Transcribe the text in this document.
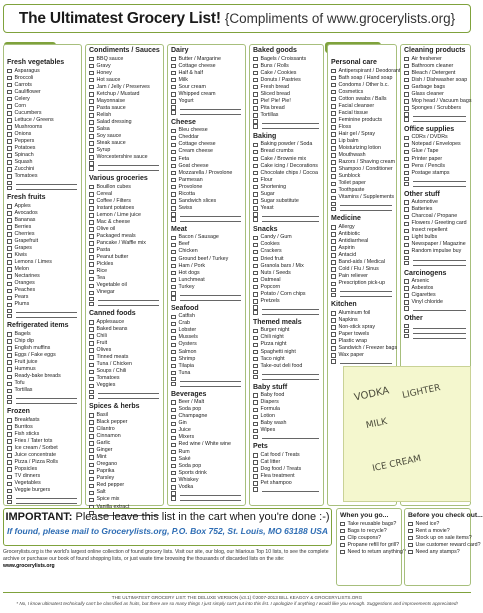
The Ultimatest Grocery List! {Compliments of www.grocerylists.org}
Fresh vegetables
Asparagus
Broccoli
Carrots
Cauliflower
Celery
Corn
Cucumbers
Lettuce / Greens
Mushrooms
Onions
Peppers
Potatoes
Spinach
Squash
Zucchini
Tomatoes
Fresh fruits
Apples
Avocados
Bananas
Berries
Cherries
Grapefruit
Grapes
Kiwis
Lemons / Limes
Melon
Nectarines
Oranges
Peaches
Pears
Plums
Refrigerated items
Bagels
Chip dip
English muffins
Eggs / Fake eggs
Fruit juice
Hummus
Ready-bake breads
Tofu
Tortillas
Frozen
Breakfasts
Burritos
Fish sticks
Fries / Tater tots
Ice cream / Sorbet
Juice concentrate
Pizza / Pizza Rolls
Popsicles
TV dinners
Vegetables
Veggie burgers
Condiments / Sauces
BBQ sauce
Gravy
Honey
Hot sauce
Jam / Jelly / Preserves
Ketchup / Mustard
Mayonnaise
Pasta sauce
Relish
Salad dressing
Salsa
Soy sauce
Steak sauce
Syrup
Worcestershire sauce
Various groceries
Bouillon cubes
Cereal
Coffee / Filters
Instant potatoes
Lemon / Lime juice
Mac & cheese
Olive oil
Packaged meals
Pancake / Waffle mix
Pasta
Peanut butter
Pickles
Rice
Tea
Vegetable oil
Vinegar
Canned foods
Applesauce
Baked beans
Chili
Fruit
Olives
Tinned meats
Tuna / Chicken
Soups / Chili
Tomatoes
Veggies
Spices & herbs
Basil
Black pepper
Cilantro
Cinnamon
Garlic
Ginger
Mint
Oregano
Paprika
Parsley
Red pepper
Salt
Spice mix
Vanilla extract
Dairy
Butter / Margarine
Cottage cheese
Half & half
Milk
Sour cream
Whipped cream
Yogurt
Cheese
Bleu cheese
Cheddar
Cottage cheese
Cream cheese
Feta
Goat cheese
Mozzarella / Provolone
Parmesan
Provolone
Ricotta
Sandwich slices
Swiss
Meat
Bacon / Sausage
Beef
Chicken
Ground beef / Turkey
Ham / Pork
Hot dogs
Lunchmeat
Turkey
Seafood
Catfish
Crab
Lobster
Mussels
Oysters
Salmon
Shrimp
Tilapia
Tuna
Beverages
Beer / Malt
Soda pop
Champagne
Gin
Juice
Mixers
Red wine / White wine
Rum
Saké
Soda pop
Sports drink
Whiskey
Vodka
Baked goods
Bagels / Croissants
Buns / Rolls
Cake / Cookies
Donuts / Pastries
Fresh bread
Sliced bread
Pie! Pie! Pie!
Pita bread
Tortillas
Baking
Baking powder / Soda
Bread crumbs
Cake / Brownie mix
Cake icing / Decorations
Chocolate chips / Cocoa
Flour
Shortening
Sugar
Sugar substitute
Yeast
Snacks
Candy / Gum
Cookies
Crackers
Dried fruit
Granola bars / Mix
Nuts / Seeds
Oatmeal
Popcorn
Potato / Corn chips
Pretzels
Themed meals
Burger night
Chili night
Pizza night
Spaghetti night
Taco night
Take-out deli food
Baby stuff
Baby food
Diapers
Formula
Lotion
Baby wash
Wipes
Pets
Cat food / Treats
Cat litter
Dog food / Treats
Flea treatment
Pet shampoo
Personal care
Antiperspirant / Deodorant
Bath soap / Hand soap
Condoms / Other b.c.
Cosmetics
Cotton swabs / Balls
Facial cleanser
Facial tissue
Feminine products
Floss
Hair gel / Spray
Lip balm
Moisturizing lotion
Mouthwash
Razors / Shaving cream
Shampoo / Conditioner
Sunblock
Toilet paper
Toothpaste
Vitamins / Supplements
Medicine
Allergy
Antibiotic
Antidiarrheal
Aspirin
Antacid
Band-aids / Medical
Cold / Flu / Sinus
Pain reliever
Prescription pick-up
Kitchen
Aluminum foil
Napkins
Non-stick spray
Paper towels
Plastic wrap
Sandwich / Freezer bags
Wax paper
Cleaning products
Air freshener
Bathroom cleaner
Bleach / Detergent
Dish / Dishwasher soap
Garbage bags
Glass cleaner
Mop head / Vacuum bags
Sponges / Scrubbers
Office supplies
CDRs / DVDRs
Notepad / Envelopes
Glue / Tape
Printer paper
Pens / Pencils
Postage stamps
Other stuff
Automotive
Batteries
Charcoal / Propane
Flowers / Greeting card
Insect repellent
Light bulbs
Newspaper / Magazine
Random impulse buy
Carcinogens
Arsenic
Asbestos
Cigarettes
Vinyl chloride
Other
VODKA LIGHTER
MILK
ICE CREAM
IMPORTANT: Please leave this list in the cart when you're done :-)
If found, please mail to Grocerylists.org, P.O. Box 752, St. Louis, MO 63188 USA
Grocerylists.org is the world's largest online collection of found grocery lists. Visit our site, our blog, our hilarious Top 10 lists, to see the complete archive or purchase our book of found shopping lists, or just waste time browsing the thousands of discarded lists on the site: www.grocerylists.org
When you go...
Take reusable bags?
Bags to recycle?
Clip coupons?
Propane refill for grill?
Need to return anything?
Before you check out...
Need ice?
Rent a movie?
Stock up on sale items?
Use customer reward card?
Need any stamps?
THE ULTIMATEST GROCERY LIST: THE DELUXE VERSION (v3.1) ©2007-2013 BILL KEAGGY & GROCERYLISTS.ORG
* No, I know ultimatest technically can't be classified as fruits, but there are so many things I just simply can't put into this list. I apologize if anything I would like you enough. Suggestions and improvements appreciated!
